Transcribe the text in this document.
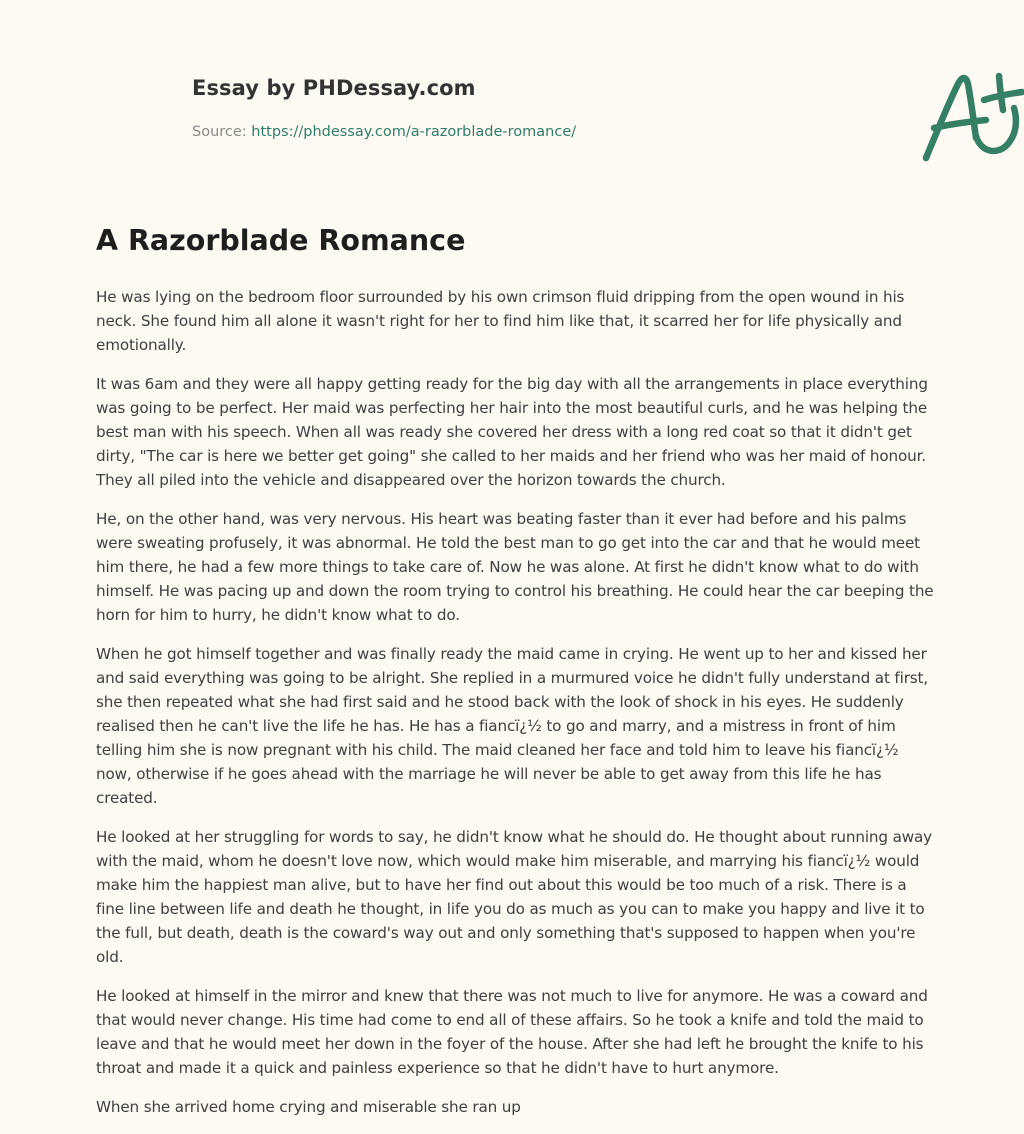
Essay by PHDessay.com
Source: https://phdessay.com/a-razorblade-romance/
A Razorblade Romance

He was lying on the bedroom floor surrounded by his own crimson fluid dripping from the open wound in his neck. She found him all alone it wasn't right for her to find him like that, it scarred her for life physically and emotionally.

It was 6am and they were all happy getting ready for the big day with all the arrangements in place everything was going to be perfect. Her maid was perfecting her hair into the most beautiful curls, and he was helping the best man with his speech. When all was ready she covered her dress with a long red coat so that it didn't get dirty, "The car is here we better get going" she called to her maids and her friend who was her maid of honour. They all piled into the vehicle and disappeared over the horizon towards the church.

He, on the other hand, was very nervous. His heart was beating faster than it ever had before and his palms were sweating profusely, it was abnormal. He told the best man to go get into the car and that he would meet him there, he had a few more things to take care of. Now he was alone. At first he didn't know what to do with himself. He was pacing up and down the room trying to control his breathing. He could hear the car beeping the horn for him to hurry, he didn't know what to do.

When he got himself together and was finally ready the maid came in crying. He went up to her and kissed her and said everything was going to be alright. She replied in a murmured voice he didn't fully understand at first, she then repeated what she had first said and he stood back with the look of shock in his eyes. He suddenly realised then he can't live the life he has. He has a fiancï¿½ to go and marry, and a mistress in front of him telling him she is now pregnant with his child. The maid cleaned her face and told him to leave his fiancï¿½ now, otherwise if he goes ahead with the marriage he will never be able to get away from this life he has created.

He looked at her struggling for words to say, he didn't know what he should do. He thought about running away with the maid, whom he doesn't love now, which would make him miserable, and marrying his fiancï¿½ would make him the happiest man alive, but to have her find out about this would be too much of a risk. There is a fine line between life and death he thought, in life you do as much as you can to make you happy and live it to the full, but death, death is the coward's way out and only something that's supposed to happen when you're old.

He looked at himself in the mirror and knew that there was not much to live for anymore. He was a coward and that would never change. His time had come to end all of these affairs. So he took a knife and told the maid to leave and that he would meet her down in the foyer of the house. After she had left he brought the knife to his throat and made it a quick and painless experience so that he didn't have to hurt anymore.

When she arrived home crying and miserable she ran up
